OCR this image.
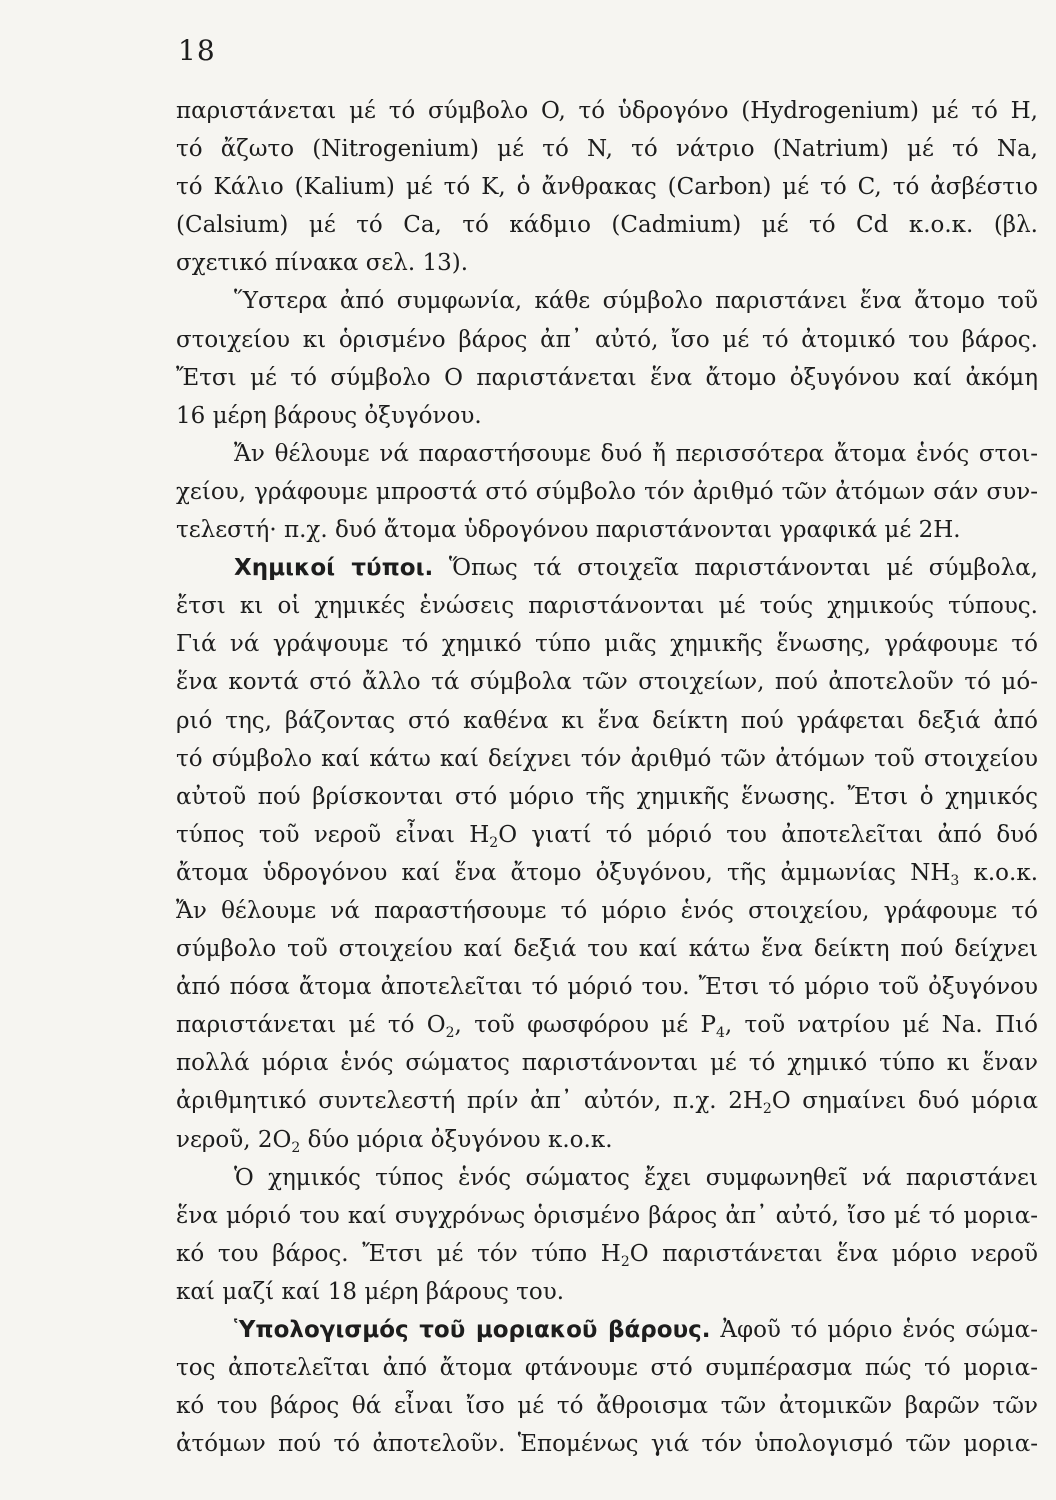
18
παριστάνεται μέ τό σύμβολο O, τό ὑδρογόνο (Hydrogenium) μέ τό H,
τό ἄζωτο (Nitrogenium) μέ τό N, τό νάτριο (Natrium) μέ τό Na,
τό Κάλιο (Kalium) μέ τό K, ὁ ἄνθρακας (Carbon) μέ τό C, τό ἀσβέστιο
(Calsium) μέ τό Ca, τό κάδμιο (Cadmium) μέ τό Cd κ.ο.κ. (βλ.
σχετικό πίνακα σελ. 13).
Ὕστερα ἀπό συμφωνία, κάθε σύμβολο παριστάνει ἕνα ἄτομο τοῦ
στοιχείου κι ὁρισμένο βάρος ἀπ᾽ αὐτό, ἴσο μέ τό ἀτομικό του βάρος.
Ἔτσι μέ τό σύμβολο O παριστάνεται ἕνα ἄτομο ὀξυγόνου καί ἀκόμη
16 μέρη βάρους ὀξυγόνου.
Ἄν θέλουμε νά παραστήσουμε δυό ἤ περισσότερα ἄτομα ἑνός στοι-
χείου, γράφουμε μπροστά στό σύμβολο τόν ἀριθμό τῶν ἀτόμων σάν συν-
τελεστή· π.χ. δυό ἄτομα ὑδρογόνου παριστάνονται γραφικά μέ 2H.
Χημικοί τύποι. Ὅπως τά στοιχεῖα παριστάνονται μέ σύμβολα,
ἔτσι κι οἱ χημικές ἑνώσεις παριστάνονται μέ τούς χημικούς τύπους.
Γιά νά γράψουμε τό χημικό τύπο μιᾶς χημικῆς ἕνωσης, γράφουμε τό
ἕνα κοντά στό ἄλλο τά σύμβολα τῶν στοιχείων, πού ἀποτελοῦν τό μό-
ριό της, βάζοντας στό καθένα κι ἕνα δείκτη πού γράφεται δεξιά ἀπό
τό σύμβολο καί κάτω καί δείχνει τόν ἀριθμό τῶν ἀτόμων τοῦ στοιχείου
αὐτοῦ πού βρίσκονται στό μόριο τῆς χημικῆς ἕνωσης. Ἔτσι ὁ χημικός
τύπος τοῦ νεροῦ εἶναι $H_2O$ γιατί τό μόριό του ἀποτελεῖται ἀπό δυό
ἄτομα ὑδρογόνου καί ἕνα ἄτομο ὀξυγόνου, τῆς ἀμμωνίας $NH_3$ κ.ο.κ.
Ἄν θέλουμε νά παραστήσουμε τό μόριο ἑνός στοιχείου, γράφουμε τό
σύμβολο τοῦ στοιχείου καί δεξιά του καί κάτω ἕνα δείκτη πού δείχνει
ἀπό πόσα ἄτομα ἀποτελεῖται τό μόριό του. Ἔτσι τό μόριο τοῦ ὀξυγόνου
παριστάνεται μέ τό $O_2$, τοῦ φωσφόρου μέ $P_4$, τοῦ νατρίου μέ Na. Πιό
πολλά μόρια ἑνός σώματος παριστάνονται μέ τό χημικό τύπο κι ἕναν
ἀριθμητικό συντελεστή πρίν ἀπ᾽ αὐτόν, π.χ. $2H_2O$ σημαίνει δυό μόρια
νεροῦ, $2O_2$ δύο μόρια ὀξυγόνου κ.ο.κ.
Ὁ χημικός τύπος ἑνός σώματος ἔχει συμφωνηθεῖ νά παριστάνει
ἕνα μόριό του καί συγχρόνως ὁρισμένο βάρος ἀπ᾽ αὐτό, ἴσο μέ τό μορια-
κό του βάρος. Ἔτσι μέ τόν τύπο $H_2O$ παριστάνεται ἕνα μόριο νεροῦ
καί μαζί καί 18 μέρη βάρους του.
Ὑπολογισμός τοῦ μοριακοῦ βάρους. Ἀφοῦ τό μόριο ἑνός σώμα-
τος ἀποτελεῖται ἀπό ἄτομα φτάνουμε στό συμπέρασμα πώς τό μορια-
κό του βάρος θά εἶναι ἴσο μέ τό ἄθροισμα τῶν ἀτομικῶν βαρῶν τῶν
ἀτόμων πού τό ἀποτελοῦν. Ἑπομένως γιά τόν ὑπολογισμό τῶν μορια-
